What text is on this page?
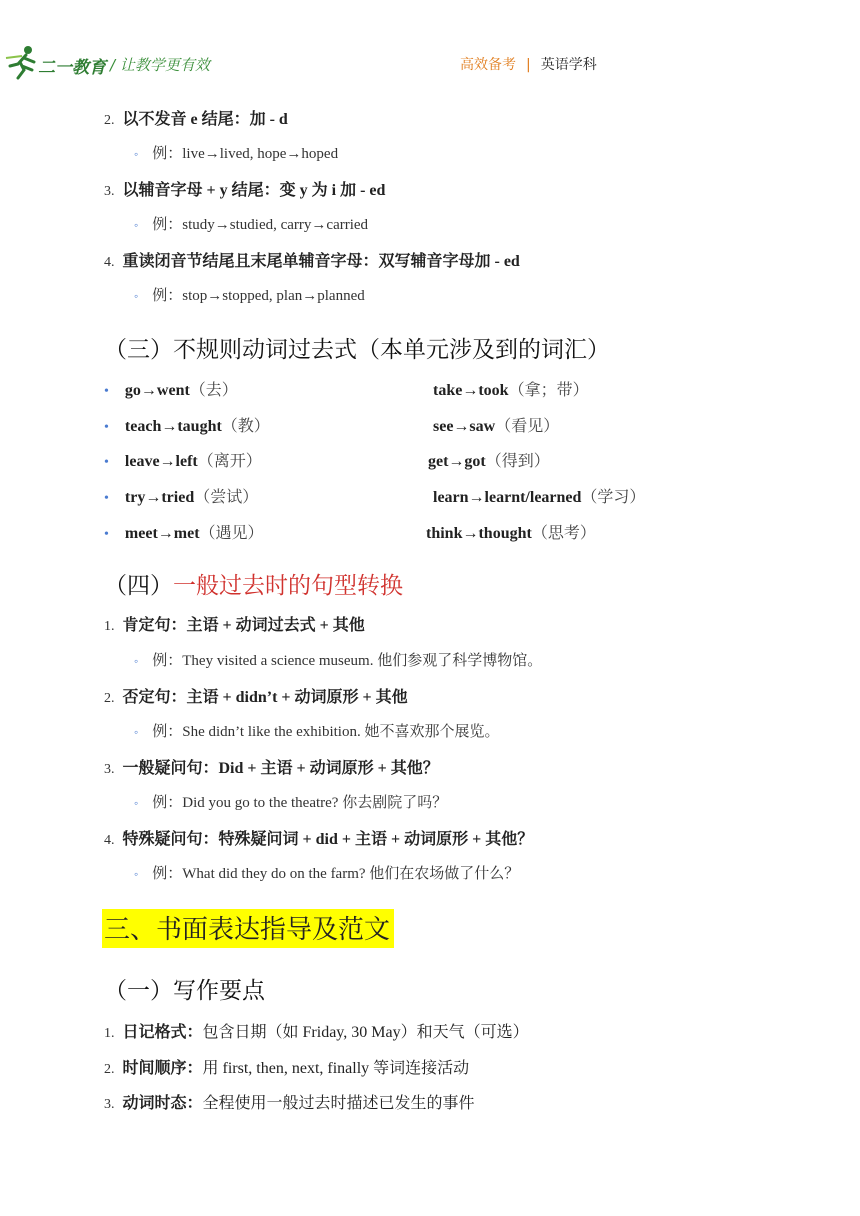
二一教育 / 让教学更有效	高效备考 | 英语学科
2. 以不发音 e 结尾：加 - d
◦ 例：live→lived, hope→hoped
3. 以辅音字母 + y 结尾：变 y 为 i 加 - ed
◦ 例：study→studied, carry→carried
4. 重读闭音节结尾且末尾单辅音字母：双写辅音字母加 - ed
◦ 例：stop→stopped, plan→planned
（三）不规则动词过去式（本单元涉及到的词汇）
• go→went（去）	take→took（拿；带）
• teach→taught（教）	see→saw（看见）
• leave→left（离开）	get→got（得到）
• try→tried（尝试）	learn→learnt/learned（学习）
• meet→met（遇见）	think→thought（思考）
（四）一般过去时的句型转换
1. 肯定句：主语 + 动词过去式 + 其他
◦ 例：They visited a science museum. 他们参观了科学博物馆。
2. 否定句：主语 + didn’t + 动词原形 + 其他
◦ 例：She didn’t like the exhibition. 她不喜欢那个展览。
3. 一般疑问句：Did + 主语 + 动词原形 + 其他？
◦ 例：Did you go to the theatre? 你去剧院了吗？
4. 特殊疑问句：特殊疑问词 + did + 主语 + 动词原形 + 其他？
◦ 例：What did they do on the farm? 他们在农场做了什么？
三、书面表达指导及范文
（一）写作要点
1. 日记格式：包含日期（如 Friday, 30 May）和天气（可选）
2. 时间顺序：用 first, then, next, finally 等词连接活动
3. 动词时态：全程使用一般过去时描述已发生的事件
